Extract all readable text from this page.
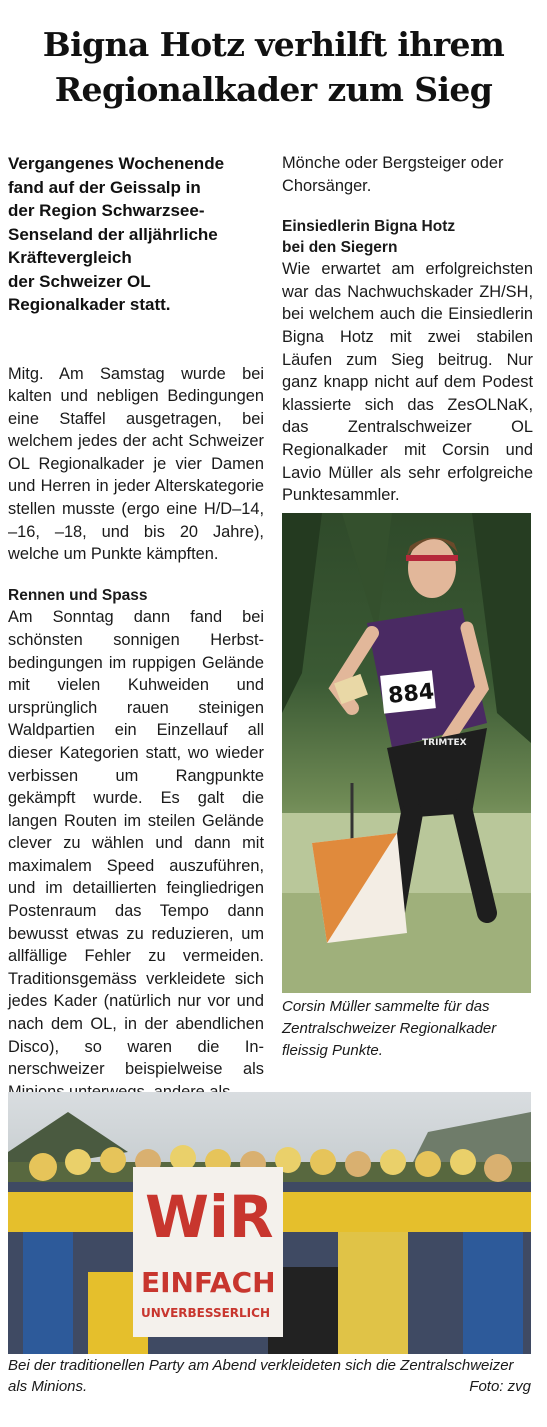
Bigna Hotz verhilft ihrem
Regionalkader zum Sieg
Vergangenes Wochenende
fand auf der Geissalp in
der Region Schwarzsee-
Senseland der alljährliche
Kräftevergleich
der Schweizer OL
Regionalkader statt.

Mitg. Am Samstag wurde bei kalten und nebligen Bedingungen eine Staffel ausgetragen, bei welchem jedes der acht Schweizer OL Regionalkader je vier Damen und Herren in jeder Alterskategorie stellen musste (ergo eine H/D–14, –16, –18, und bis 20 Jahre), welche um Punkte kämpften.

Rennen und Spass

Am Sonntag dann fand bei schönsten sonnigen Herbstbedingungen im ruppigen Gelände mit vielen Kuhweiden und ursprünglich rauen steinigen Waldpartien ein Einzellauf all dieser Kategorien statt, wo wieder verbissen um Rangpunkte gekämpft wurde. Es galt die langen Routen im steilen Gelände clever zu wählen und dann mit maximalem Speed auszuführen, und im detaillierten feingliedrigen Postenraum das Tempo dann bewusst etwas zu reduzieren, um allfällige Fehler zu vermeiden. Traditionsgemäss verkleidete sich jedes Kader (natürlich nur vor und nach dem OL, in der abendlichen Disco), so waren die Innerschweizer beispielweise als

Mönche oder Bergsteiger oder Chorsänger.

Einsiedlerin Bigna Hotz
bei den Siegern

Wie erwartet am erfolgreichsten war das Nachwuchskader ZH/SH, bei welchem auch die Einsiedlerin Bigna Hotz mit zwei stabilen Läufen zum Sieg beitrug. Nur ganz knapp nicht auf dem Podest klassierte sich das ZesOLNaK, das Zentralschweizer OL Regionalkader mit Corsin und Lavio Müller als sehr erfolgreiche Punktesammler.

884
TRIMTEX
Corsin Müller sammelte für das Zentralschweizer Regionalkader fleissig Punkte.
WiR
EINFACH
UNVERBESSERLICH
Bei der traditionellen Party am Abend verkleideten sich die Zentralschweizer als Minions.	Foto: zvg
